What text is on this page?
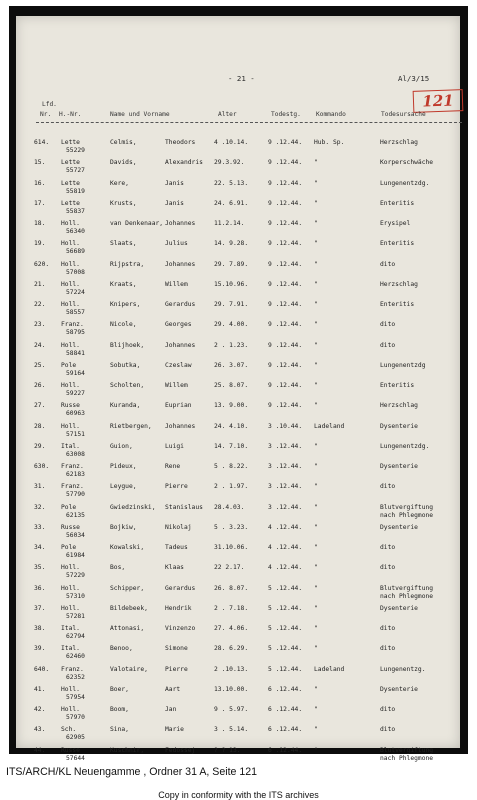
- 21 -	Al/3/15
121
Lfd.
Nr. H.-Nr.	Name und Vorname	Alter	Todestg. Kommando	Todesursache
614. Lette	Celmis,	Theodors	4 .10.14.	9 .12.44. Hub. Sp.	Herzschlag
55229
15. Lette	Davids,	Alexandris 29.3.92.	9 .12.44. "	Korperschwäche
55727
16. Lette	Kere,	Janis	22. 5.13.	9 .12.44. "	Lungenentzdg.
55819
17. Lette	Krusts,	Janis	24. 6.91.	9 .12.44. "	Enteritis
55837
18. Holl.	van Denkenaar, Johannes	11.2.14.	9 .12.44. "	Erysipel
56340
19. Holl.	Slaats,	Julius	14. 9.28.	9 .12.44. "	Enteritis
56689
620. Holl.	Rijpstra,	Johannes	29. 7.89.	9 .12.44. "	dito
57008
21. Holl.	Kraats,	Willem	15.10.96.	9 .12.44. "	Herzschlag
57224
22. Holl.	Knipers,	Gerardus	29. 7.91.	9 .12.44. "	Enteritis
58557
23. Franz.	Nicole,	Georges	29. 4.00.	9 .12.44. "	dito
58795
24. Holl.	Blijhoek,	Johannes	2 . 1.23.	9 .12.44. "	dito
58841
25. Pole	Sobutka,	Czeslaw	26. 3.07.	9 .12.44. "	Lungenentzdg
59164
26. Holl.	Scholten,	Willem	25. 8.07.	9 .12.44. "	Enteritis
59227
27. Russe	Kuranda,	Euprian	13. 9.00.	9 .12.44. "	Herzschlag
60963
28. Holl.	Rietbergen, Johannes	24. 4.10.	3 .10.44. Ladeland	Dysenterie
57151
29. Ital.	Guion,	Luigi	14. 7.10.	3 .12.44. "	Lungenentzdg.
63008
630. Franz.	Pideux,	Rene	5 . 8.22.	3 .12.44. "	Dysenterie
62183
31. Franz.	Leygue,	Pierre	2 . 1.97.	3 .12.44. "	dito
57790
32. Pole	Gwiedzinski, Stanislaus 28.4.03.	3 .12.44. "	Blutvergiftung
62135	nach Phlegmone
33. Russe	Bojkiw,	Nikolaj	5 . 3.23.	4 .12.44. "	Dysenterie
56034
34. Pole	Kowalski,	Tadeus	31.10.06.	4 .12.44. "	dito
61984
35. Holl.	Bos,	Klaas	22 2.17.	4 .12.44. "	dito
57229
36. Holl.	Schipper,	Gerardus	26. 8.07.	5 .12.44. "	Blutvergiftung
57310	nach Phlegmone
37. Holl.	Bildebeek,	Hendrik	2 . 7.18.	5 .12.44. "	Dysenterie
57281
38. Ital.	Attonasi,	Vinzenzo	27. 4.06.	5 .12.44. "	dito
62794
39. Ital.	Benoo,	Simone	28. 6.29.	5 .12.44. "	dito
62460
640. Franz.	Valotaire,	Pierre	2 .10.13.	5 .12.44. Ladeland	Lungenentzg.
62352
41. Holl.	Boer,	Aart	13.10.00.	6 .12.44. "	Dysenterie
57954
42. Holl.	Boom,	Jan	9 . 5.97.	6 .12.44. "	dito
57970
43. Sch.	Sina,	Marie	3 . 5.14.	6 .12.44. "	dito
62905
44. Russe	Kuschnir,	Fedossej	? ? 13.	6 .12.44. "	Blutvergiftung
57644	nach Phlegmone
ITS/ARCH/KL Neuengamme , Ordner 31 A, Seite 121
Copy in conformity with the ITS archives
